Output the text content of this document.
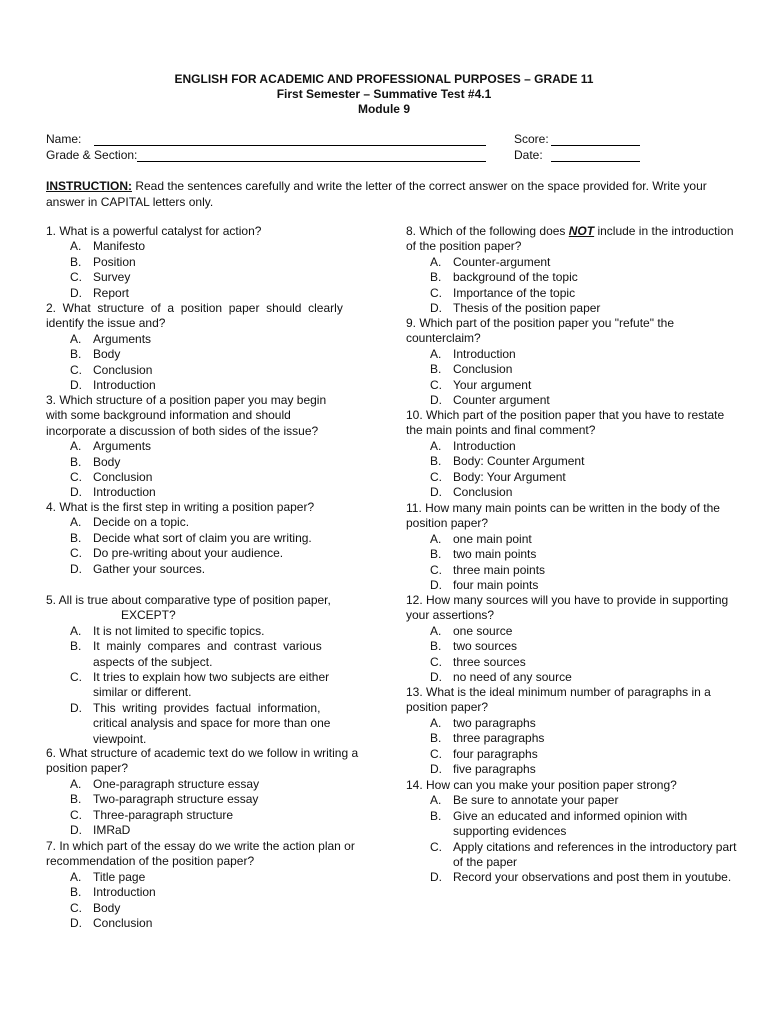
ENGLISH FOR ACADEMIC AND PROFESSIONAL PURPOSES – GRADE 11
First Semester – Summative Test #4.1
Module 9
Name:
Grade & Section:
Score:
Date:
INSTRUCTION: Read the sentences carefully and write the letter of the correct answer on the space provided for. Write your answer in CAPITAL letters only.
1. What is a powerful catalyst for action?
A. Manifesto
B. Position
C. Survey
D. Report
2.  What  structure  of  a  position  paper  should  clearly
identify the issue and?
A. Arguments
B. Body
C. Conclusion
D. Introduction
3. Which structure of a position paper you may begin
with some background information and should
incorporate a discussion of both sides of the issue?
A. Arguments
B. Body
C. Conclusion
D. Introduction
4. What is the first step in writing a position paper?
A. Decide on a topic.
B. Decide what sort of claim you are writing.
C. Do pre-writing about your audience.
D. Gather your sources.
5. All is true about comparative type of position paper,
EXCEPT?
A. It is not limited to specific topics.
B. It  mainly  compares  and  contrast  various
aspects of the subject.
C. It tries to explain how two subjects are either
similar or different.
D. This  writing  provides  factual  information,
critical analysis and space for more than one
viewpoint.
6. What structure of academic text do we follow in writing a
position paper?
A. One-paragraph structure essay
B. Two-paragraph structure essay
C. Three-paragraph structure
D. IMRaD
7. In which part of the essay do we write the action plan or
recommendation of the position paper?
A. Title page
B. Introduction
C. Body
D. Conclusion
8. Which of the following does NOT include in the introduction
of the position paper?
A. Counter-argument
B. background of the topic
C. Importance of the topic
D. Thesis of the position paper
9. Which part of the position paper you "refute" the
counterclaim?
A. Introduction
B. Conclusion
C. Your argument
D. Counter argument
10. Which part of the position paper that you have to restate
the main points and final comment?
A. Introduction
B. Body: Counter Argument
C. Body: Your Argument
D. Conclusion
11. How many main points can be written in the body of the
position paper?
A. one main point
B. two main points
C. three main points
D. four main points
12. How many sources will you have to provide in supporting
your assertions?
A. one source
B. two sources
C. three sources
D. no need of any source
13. What is the ideal minimum number of paragraphs in a
position paper?
A. two paragraphs
B. three paragraphs
C. four paragraphs
D. five paragraphs
14. How can you make your position paper strong?
A. Be sure to annotate your paper
B. Give an educated and informed opinion with
supporting evidences
C. Apply citations and references in the introductory part
of the paper
D. Record your observations and post them in youtube.
